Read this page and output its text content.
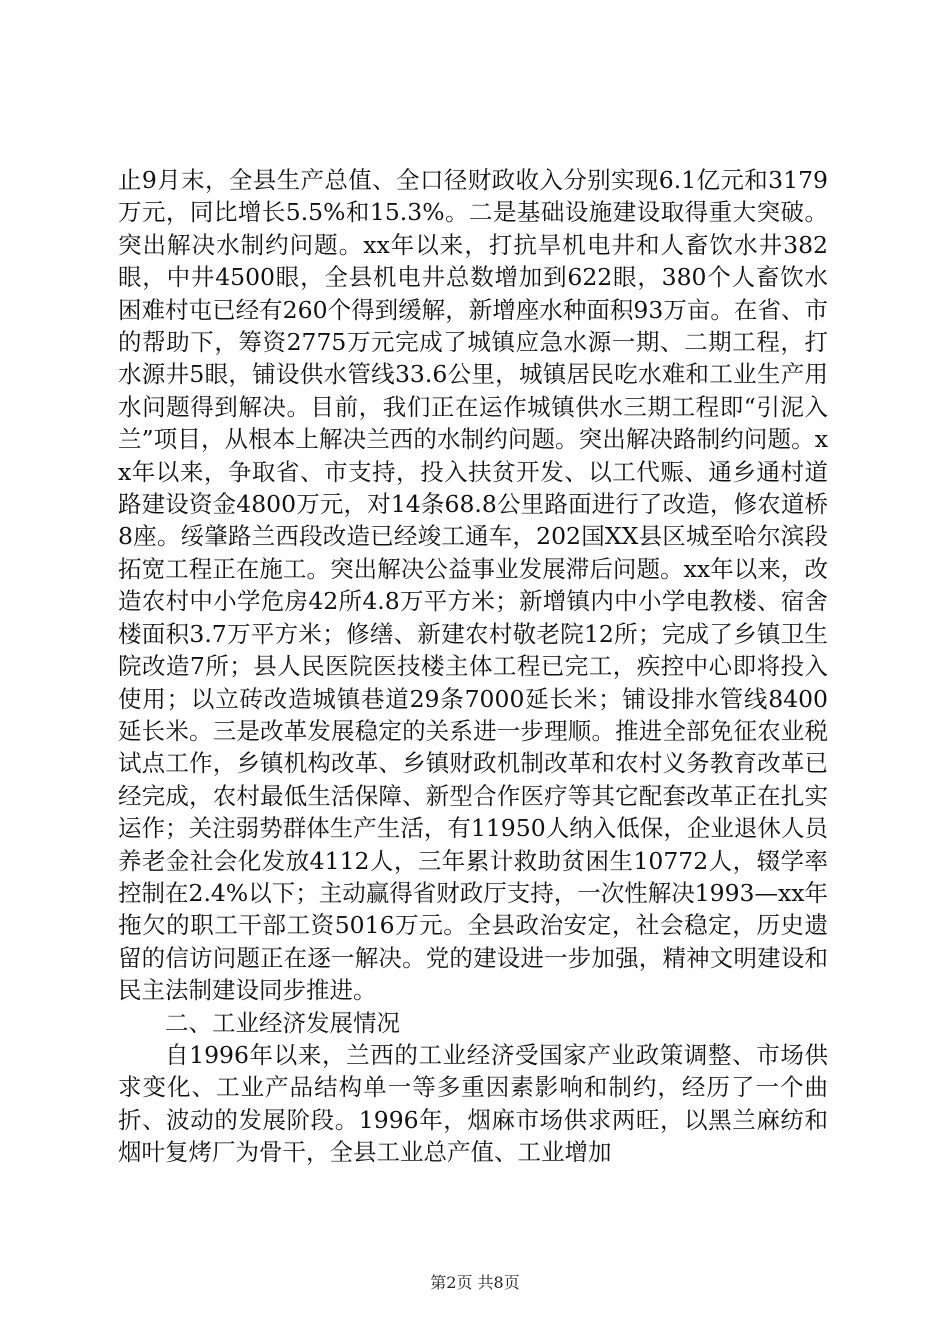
止9月末，全县生产总值、全口径财政收入分别实现6.1亿元和3179万元，同比增长5.5%和15.3%。二是基础设施建设取得重大突破。突出解决水制约问题。xx年以来，打抗旱机电井和人畜饮水井382眼，中井4500眼，全县机电井总数增加到622眼，380个人畜饮水困难村屯已经有260个得到缓解，新增座水种面积93万亩。在省、市的帮助下，筹资2775万元完成了城镇应急水源一期、二期工程，打水源井5眼，铺设供水管线33.6公里，城镇居民吃水难和工业生产用水问题得到解决。目前，我们正在运作城镇供水三期工程即“引泥入兰”项目，从根本上解决兰西的水制约问题。突出解决路制约问题。xx年以来，争取省、市支持，投入扶贫开发、以工代赈、通乡通村道路建设资金4800万元，对14条68.8公里路面进行了改造，修农道桥8座。绥肇路兰西段改造已经竣工通车，202国XX县区城至哈尔滨段拓宽工程正在施工。突出解决公益事业发展滞后问题。xx年以来，改造农村中小学危房42所4.8万平方米；新增镇内中小学电教楼、宿舍楼面积3.7万平方米；修缮、新建农村敬老院12所；完成了乡镇卫生院改造7所；县人民医院医技楼主体工程已完工，疾控中心即将投入使用；以立砖改造城镇巷道29条7000延长米；铺设排水管线8400延长米。三是改革发展稳定的关系进一步理顺。推进全部免征农业税试点工作，乡镇机构改革、乡镇财政机制改革和农村义务教育改革已经完成，农村最低生活保障、新型合作医疗等其它配套改革正在扎实运作；关注弱势群体生产生活，有11950人纳入低保，企业退休人员养老金社会化发放4112人，三年累计救助贫困生10772人，辍学率控制在2.4%以下；主动赢得省财政厅支持，一次性解决1993—xx年拖欠的职工干部工资5016万元。全县政治安定，社会稳定，历史遗留的信访问题正在逐一解决。党的建设进一步加强，精神文明建设和民主法制建设同步推进。

二、工业经济发展情况

自1996年以来，兰西的工业经济受国家产业政策调整、市场供求变化、工业产品结构单一等多重因素影响和制约，经历了一个曲折、波动的发展阶段。1996年，烟麻市场供求两旺，以黑兰麻纺和烟叶复烤厂为骨干，全县工业总产值、工业增加

第2页 共8页
